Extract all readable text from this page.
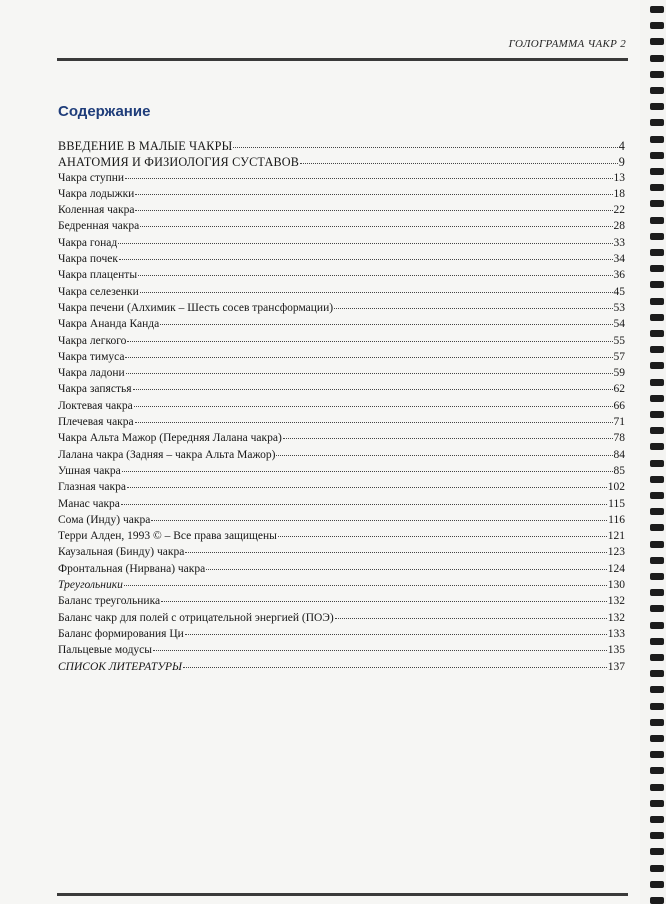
ГОЛОГРАММА ЧАКР 2
Содержание
ВВЕДЕНИЕ В МАЛЫЕ ЧАКРЫ	4
АНАТОМИЯ И ФИЗИОЛОГИЯ СУСТАВОВ	9
Чакра ступни	13
Чакра лодыжки	18
Коленная чакра	22
Бедренная чакра	28
Чакра гонад	33
Чакра почек	34
Чакра плаценты	36
Чакра селезенки	45
Чакра печени (Алхимик – Шесть сосев трансформации)	53
Чакра Ананда Канда	54
Чакра легкого	55
Чакра тимуса	57
Чакра ладони	59
Чакра запястья	62
Локтевая чакра	66
Плечевая чакра	71
Чакра Альта Мажор (Передняя Лалана чакра)	78
Лалана чакра (Задняя – чакра Альта Мажор)	84
Ушная чакра	85
Глазная чакра	102
Манас чакра	115
Сома (Инду) чакра	116
Терри Алден, 1993 © – Все права защищены	121
Каузальная (Бинду) чакра	123
Фронтальная (Нирвана) чакра	124
Треугольники	130
Баланс треугольника	132
Баланс чакр для полей с отрицательной энергией (ПОЭ)	132
Баланс формирования Ци	133
Пальцевые модусы	135
СПИСОК ЛИТЕРАТУРЫ	137
